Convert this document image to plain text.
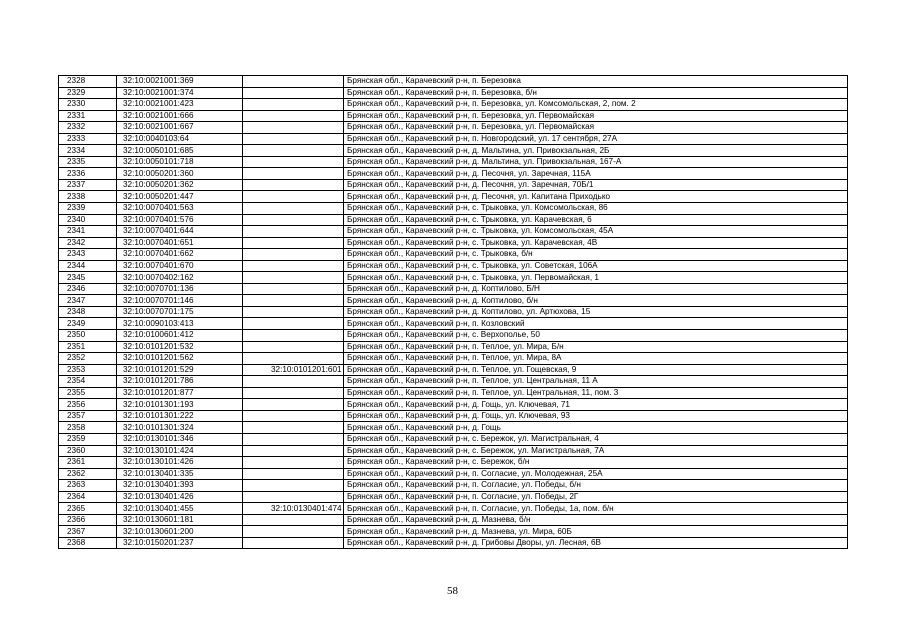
2328	32:10:0021001:369		Брянская обл., Карачевский р-н, п. Березовка
2329	32:10:0021001:374		Брянская обл., Карачевский р-н, п. Березовка, б/н
2330	32:10:0021001:423		Брянская обл., Карачевский р-н, п. Березовка, ул. Комсомольская, 2, пом. 2
2331	32:10:0021001:666		Брянская обл., Карачевский р-н, п. Березовка, ул. Первомайская
2332	32:10:0021001:667		Брянская обл., Карачевский р-н, п. Березовка, ул. Первомайская
2333	32:10:0040103:64		Брянская обл., Карачевский р-н, п. Новгородский, ул. 17 сентября, 27А
2334	32:10:0050101:685		Брянская обл., Карачевский р-н, д. Мальтина, ул. Привокзальная, 2Б
2335	32:10:0050101:718		Брянская обл., Карачевский р-н, д. Мальтина, ул. Привокзальная, 167-А
2336	32:10:0050201:360		Брянская обл., Карачевский р-н, д. Песочня, ул. Заречная, 115А
2337	32:10:0050201:362		Брянская обл., Карачевский р-н, д. Песочня, ул. Заречная, 70Б/1
2338	32:10:0050201:447		Брянская обл., Карачевский р-н, д. Песочня, ул. Капитана Приходько
2339	32:10:0070401:563		Брянская обл., Карачевский р-н, с. Трыковка, ул. Комсомольская, 86
2340	32:10:0070401:576		Брянская обл., Карачевский р-н, с. Трыковка, ул. Карачевская, 6
2341	32:10:0070401:644		Брянская обл., Карачевский р-н, с. Трыковка, ул. Комсомольская, 45А
2342	32:10:0070401:651		Брянская обл., Карачевский р-н, с. Трыковка, ул. Карачевская, 4В
2343	32:10:0070401:662		Брянская обл., Карачевский р-н, с. Трыковка, б/н
2344	32:10:0070401:670		Брянская обл., Карачевский р-н, с. Трыковка, ул. Советская, 106А
2345	32:10:0070402:162		Брянская обл., Карачевский р-н, с. Трыковка, ул. Первомайская, 1
2346	32:10:0070701:136		Брянская обл., Карачевский р-н, д. Коптилово, Б/Н
2347	32:10:0070701:146		Брянская обл., Карачевский р-н, д. Коптилово, б/н
2348	32:10:0070701:175		Брянская обл., Карачевский р-н, д. Коптилово, ул. Артюхова, 15
2349	32:10:0090103:413		Брянская обл., Карачевский р-н, п. Козловский
2350	32:10:0100601:412		Брянская обл., Карачевский р-н, с. Верхополье, 50
2351	32:10:0101201:532		Брянская обл., Карачевский р-н, п. Теплое, ул. Мира, Б/н
2352	32:10:0101201:562		Брянская обл., Карачевский р-н, п. Теплое, ул. Мира, 8А
2353	32:10:0101201:529	32:10:0101201:601	Брянская обл., Карачевский р-н, п. Теплое, ул. Гощевская, 9
2354	32:10:0101201:786		Брянская обл., Карачевский р-н, п. Теплое, ул. Центральная, 11 А
2355	32:10:0101201:877		Брянская обл., Карачевский р-н, п. Теплое, ул. Центральная, 11, пом. 3
2356	32:10:0101301:193		Брянская обл., Карачевский р-н, д. Гощь, ул. Ключевая, 71
2357	32:10:0101301:222		Брянская обл., Карачевский р-н, д. Гощь, ул. Ключевая, 93
2358	32:10:0101301:324		Брянская обл., Карачевский р-н, д. Гощь
2359	32:10:0130101:346		Брянская обл., Карачевский р-н, с. Бережок, ул. Магистральная, 4
2360	32:10:0130101:424		Брянская обл., Карачевский р-н, с. Бережок, ул. Магистральная, 7А
2361	32:10:0130101:426		Брянская обл., Карачевский р-н, с. Бережок, б/н
2362	32:10:0130401:335		Брянская обл., Карачевский р-н, п. Согласие, ул. Молодежная, 25А
2363	32:10:0130401:393		Брянская обл., Карачевский р-н, п. Согласие, ул. Победы, б/н
2364	32:10:0130401:426		Брянская обл., Карачевский р-н, п. Согласие, ул. Победы, 2Г
2365	32:10:0130401:455	32:10:0130401:474	Брянская обл., Карачевский р-н, п. Согласие, ул. Победы, 1а, пом. б/н
2366	32:10:0130601:181		Брянская обл., Карачевский р-н, д. Мазнева, б/н
2367	32:10:0130601:200		Брянская обл., Карачевский р-н, д. Мазнева, ул. Мира, 60Б
2368	32:10:0150201:237		Брянская обл., Карачевский р-н, д. Грибовы Дворы, ул. Лесная, 6В
58
